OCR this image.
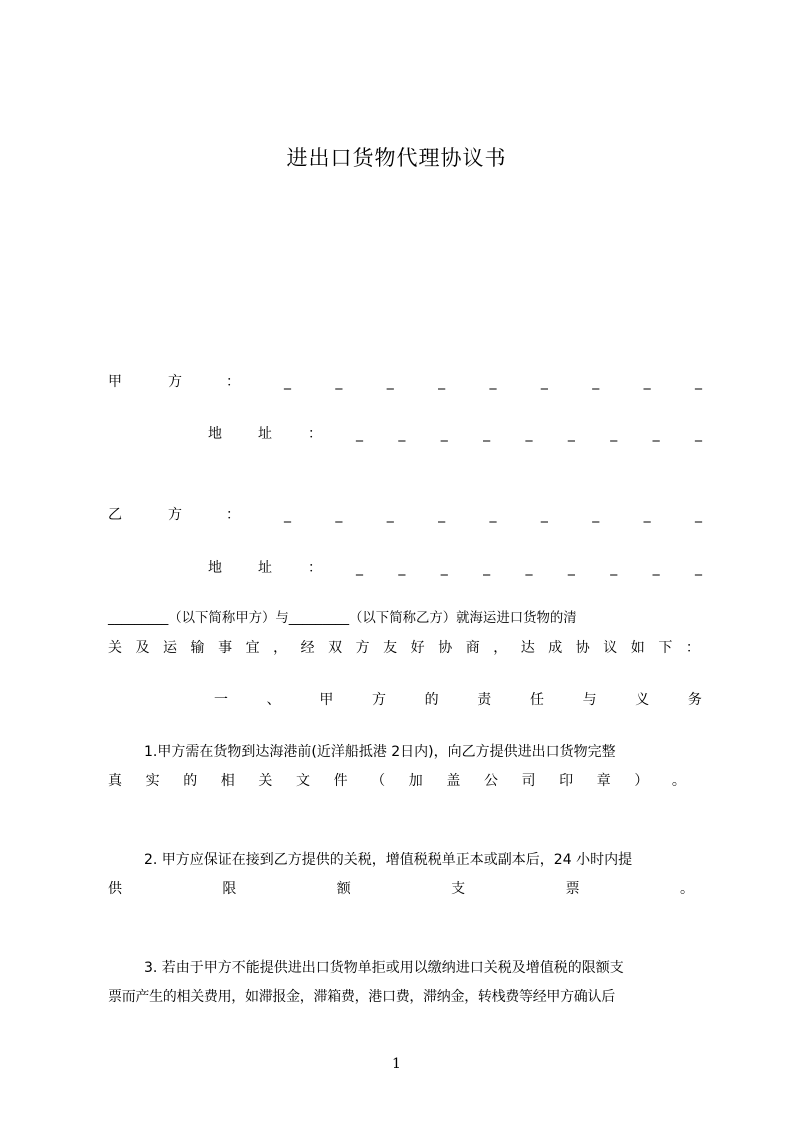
进出口货物代理协议书
甲	方	：	_	_	_	_	_	_	_	_	_
地	址	： _	_	_	_	_	_	_	_	_
乙	方	：	_	_	_	_	_	_	_	_	_
地	址	： _	_	_	_	_	_	_	_	_
_________（以下简称甲方）与_________（以下简称乙方）就海运进口货物的清
关 及 运 输 事 宜 ， 经 双 方 友 好 协 商 ， 达 成 协 议 如 下 ：
一	、	甲	方	的	责	任	与	义	务
1.甲方需在货物到达海港前(近洋船抵港 2日内)，向乙方提供进出口货物完整
真 实 的 相 关 文 件 （ 加 盖 公 司 印 章 ） 。
2. 甲方应保证在接到乙方提供的关税，增值税税单正本或副本后，24 小时内提
供	限	额	支	票	。
3. 若由于甲方不能提供进出口货物单拒或用以缴纳进口关税及增值税的限额支
票而产生的相关费用，如滞报金，滞箱费，港口费，滞纳金，转栈费等经甲方确认后
1
